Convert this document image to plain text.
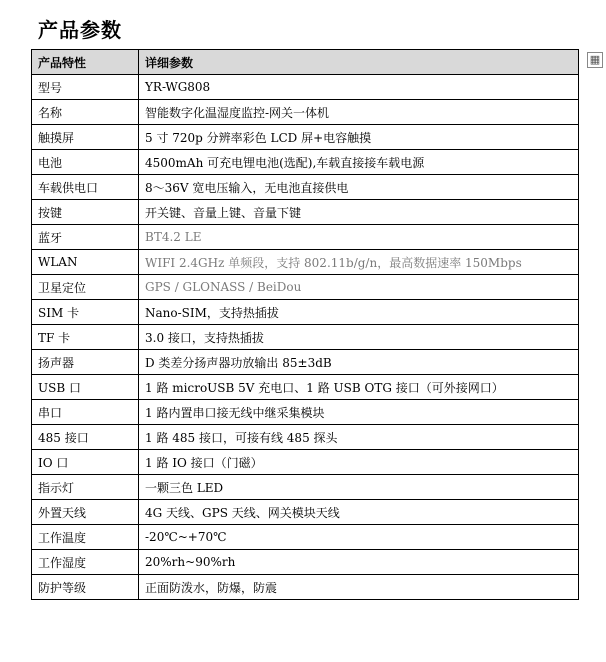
产品参数
▦
产品特性	详细参数
型号	YR-WG808
名称	智能数字化温湿度监控-网关一体机
触摸屏	5 寸 720p 分辨率彩色 LCD 屏+电容触摸
电池	4500mAh 可充电锂电池(选配),车载直接接车载电源
车载供电口	8～36V 宽电压输入，无电池直接供电
按键	开关键、音量上键、音量下键
蓝牙	BT4.2 LE
WLAN	WIFI 2.4GHz 单频段，支持 802.11b/g/n，最高数据速率 150Mbps
卫星定位	GPS / GLONASS / BeiDou
SIM 卡	Nano-SIM，支持热插拔
TF 卡	3.0 接口，支持热插拔
扬声器	D 类差分扬声器功放输出 85±3dB
USB 口	1 路 microUSB 5V 充电口、1 路 USB OTG 接口（可外接网口）
串口	1 路内置串口接无线中继采集模块
485 接口	1 路 485 接口，可接有线 485 探头
IO 口	1 路 IO 接口（门磁）
指示灯	一颗三色 LED
外置天线	4G 天线、GPS 天线、网关模块天线
工作温度	-20℃~+70℃
工作湿度	20%rh~90%rh
防护等级	正面防泼水，防爆，防震
